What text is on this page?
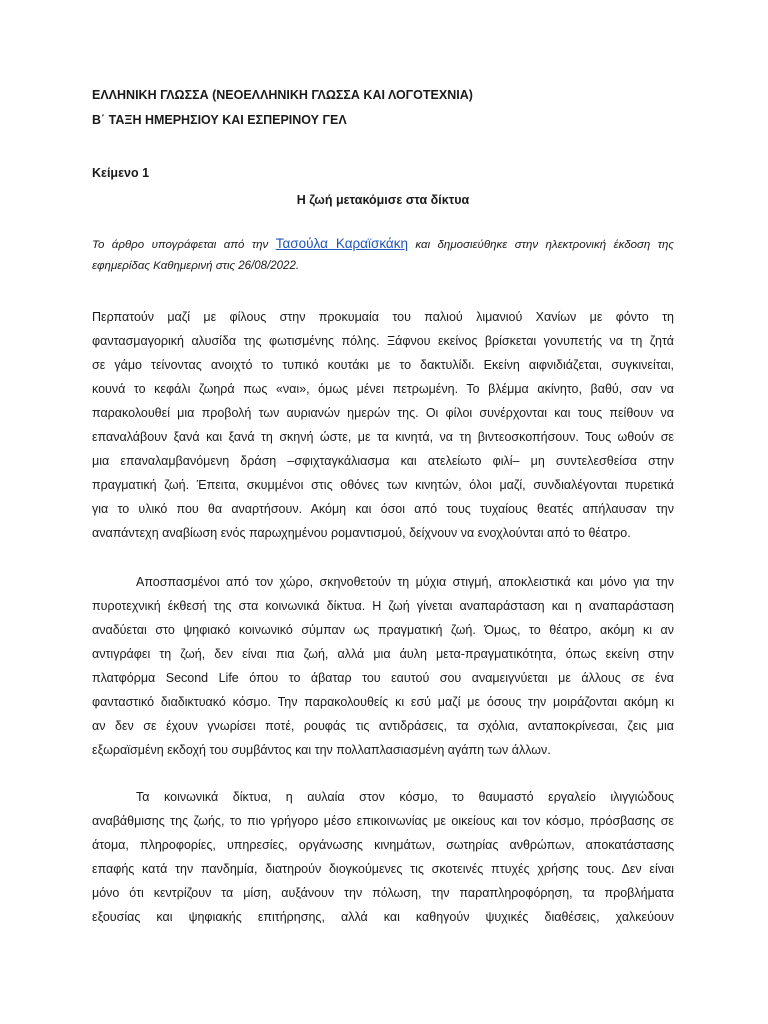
ΕΛΛΗΝΙΚΗ ΓΛΩΣΣΑ (ΝΕΟΕΛΛΗΝΙΚΗ ΓΛΩΣΣΑ ΚΑΙ ΛΟΓΟΤΕΧΝΙΑ)
Β΄ ΤΑΞΗ ΗΜΕΡΗΣΙΟΥ ΚΑΙ ΕΣΠΕΡΙΝΟΥ ΓΕΛ
Κείμενο 1
Η ζωή μετακόμισε στα δίκτυα
Το άρθρο υπογράφεται από την Τασούλα Καραϊσκάκη και δημοσιεύθηκε στην ηλεκτρονική έκδοση της
εφημερίδας Καθημερινή στις 26/08/2022.
Περπατούν μαζί με φίλους στην προκυμαία του παλιού λιμανιού Χανίων με φόντο τη
φαντασμαγορική αλυσίδα της φωτισμένης πόλης. Ξάφνου εκείνος βρίσκεται γονυπετής να τη ζητά
σε γάμο τείνοντας ανοιχτό το τυπικό κουτάκι με το δακτυλίδι. Εκείνη αιφνιδιάζεται, συγκινείται,
κουνά το κεφάλι ζωηρά πως «ναι», όμως μένει πετρωμένη. Το βλέμμα ακίνητο, βαθύ, σαν να
παρακολουθεί μια προβολή των αυριανών ημερών της. Οι φίλοι συνέρχονται και τους πείθουν να
επαναλάβουν ξανά και ξανά τη σκηνή ώστε, με τα κινητά, να τη βιντεοσκοπήσουν. Τους ωθούν σε
μια επαναλαμβανόμενη δράση –σφιχταγκάλιασμα και ατελείωτο φιλί– μη συντελεσθείσα στην
πραγματική ζωή. Έπειτα, σκυμμένοι στις οθόνες των κινητών, όλοι μαζί, συνδιαλέγονται πυρετικά
για το υλικό που θα αναρτήσουν. Ακόμη και όσοι από τους τυχαίους θεατές απήλαυσαν την
αναπάντεχη αναβίωση ενός παρωχημένου ρομαντισμού, δείχνουν να ενοχλούνται από το θέατρο.
Αποσπασμένοι από τον χώρο, σκηνοθετούν τη μύχια στιγμή, αποκλειστικά και μόνο για την
πυροτεχνική έκθεσή της στα κοινωνικά δίκτυα. Η ζωή γίνεται αναπαράσταση και η αναπαράσταση
αναδύεται στο ψηφιακό κοινωνικό σύμπαν ως πραγματική ζωή. Όμως, το θέατρο, ακόμη κι αν
αντιγράφει τη ζωή, δεν είναι πια ζωή, αλλά μια άυλη μετα-πραγματικότητα, όπως εκείνη στην
πλατφόρμα Second Life όπου το άβαταρ του εαυτού σου αναμειγνύεται με άλλους σε ένα
φανταστικό διαδικτυακό κόσμο. Την παρακολουθείς κι εσύ μαζί με όσους την μοιράζονται ακόμη κι
αν δεν σε έχουν γνωρίσει ποτέ, ρουφάς τις αντιδράσεις, τα σχόλια, ανταποκρίνεσαι, ζεις μια
εξωραϊσμένη εκδοχή του συμβάντος και την πολλαπλασιασμένη αγάπη των άλλων.
Τα κοινωνικά δίκτυα, η αυλαία στον κόσμο, το θαυμαστό εργαλείο ιλιγγιώδους
αναβάθμισης της ζωής, το πιο γρήγορο μέσο επικοινωνίας με οικείους και τον κόσμο, πρόσβασης σε
άτομα, πληροφορίες, υπηρεσίες, οργάνωσης κινημάτων, σωτηρίας ανθρώπων, αποκατάστασης
επαφής κατά την πανδημία, διατηρούν διογκούμενες τις σκοτεινές πτυχές χρήσης τους. Δεν είναι
μόνο ότι κεντρίζουν τα μίση, αυξάνουν την πόλωση, την παραπληροφόρηση, τα προβλήματα
εξουσίας και ψηφιακής επιτήρησης, αλλά και καθηγούν ψυχικές διαθέσεις, χαλκεύουν
